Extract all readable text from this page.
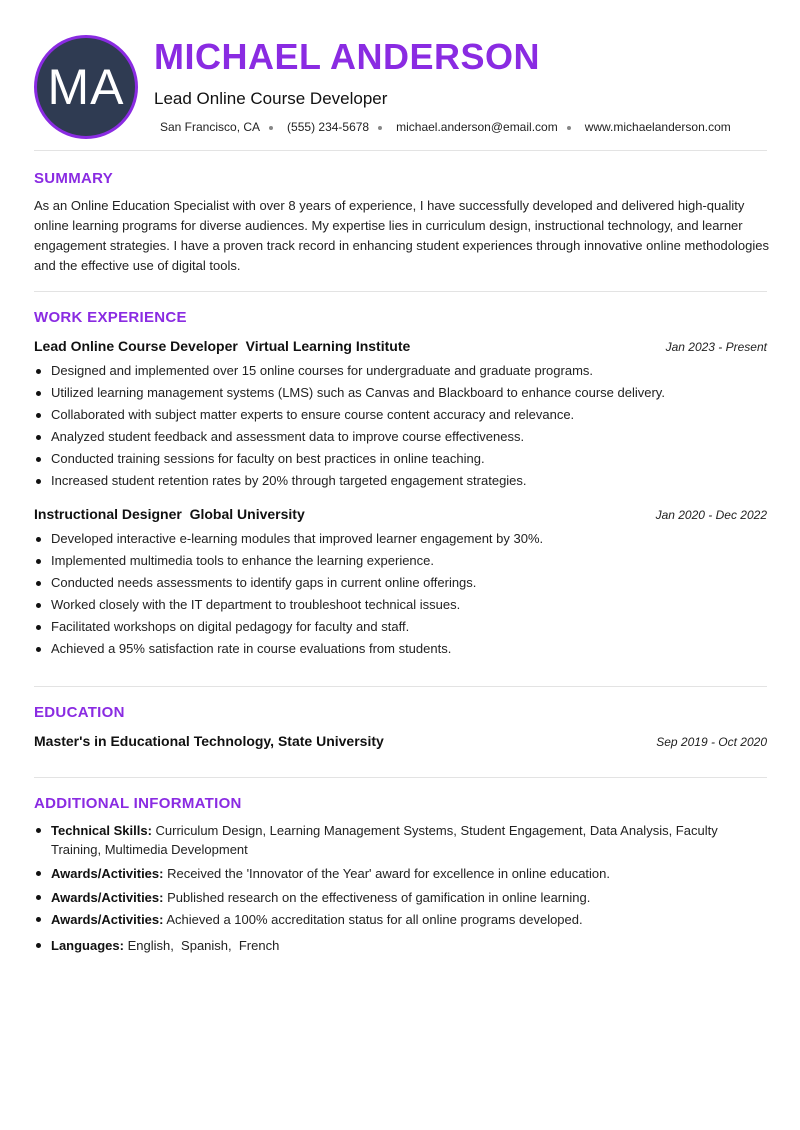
MA
MICHAEL ANDERSON
Lead Online Course Developer
San Francisco, CA (555) 234-5678 michael.anderson@email.com www.michaelanderson.com
SUMMARY
As an Online Education Specialist with over 8 years of experience, I have successfully developed and delivered high-quality online learning programs for diverse audiences. My expertise lies in curriculum design, instructional technology, and learner engagement strategies. I have a proven track record in enhancing student experiences through innovative online methodologies and the effective use of digital tools.
WORK EXPERIENCE
Lead Online Course Developer  Virtual Learning Institute	Jan 2023 - Present
Designed and implemented over 15 online courses for undergraduate and graduate programs.
Utilized learning management systems (LMS) such as Canvas and Blackboard to enhance course delivery.
Collaborated with subject matter experts to ensure course content accuracy and relevance.
Analyzed student feedback and assessment data to improve course effectiveness.
Conducted training sessions for faculty on best practices in online teaching.
Increased student retention rates by 20% through targeted engagement strategies.
Instructional Designer  Global University	Jan 2020 - Dec 2022
Developed interactive e-learning modules that improved learner engagement by 30%.
Implemented multimedia tools to enhance the learning experience.
Conducted needs assessments to identify gaps in current online offerings.
Worked closely with the IT department to troubleshoot technical issues.
Facilitated workshops on digital pedagogy for faculty and staff.
Achieved a 95% satisfaction rate in course evaluations from students.
EDUCATION
Master's in Educational Technology, State University	Sep 2019 - Oct 2020
ADDITIONAL INFORMATION
Technical Skills: Curriculum Design, Learning Management Systems, Student Engagement, Data Analysis, Faculty Training, Multimedia Development
Awards/Activities: Received the 'Innovator of the Year' award for excellence in online education.
Awards/Activities: Published research on the effectiveness of gamification in online learning.
Awards/Activities: Achieved a 100% accreditation status for all online programs developed.
Languages: English,  Spanish,  French
